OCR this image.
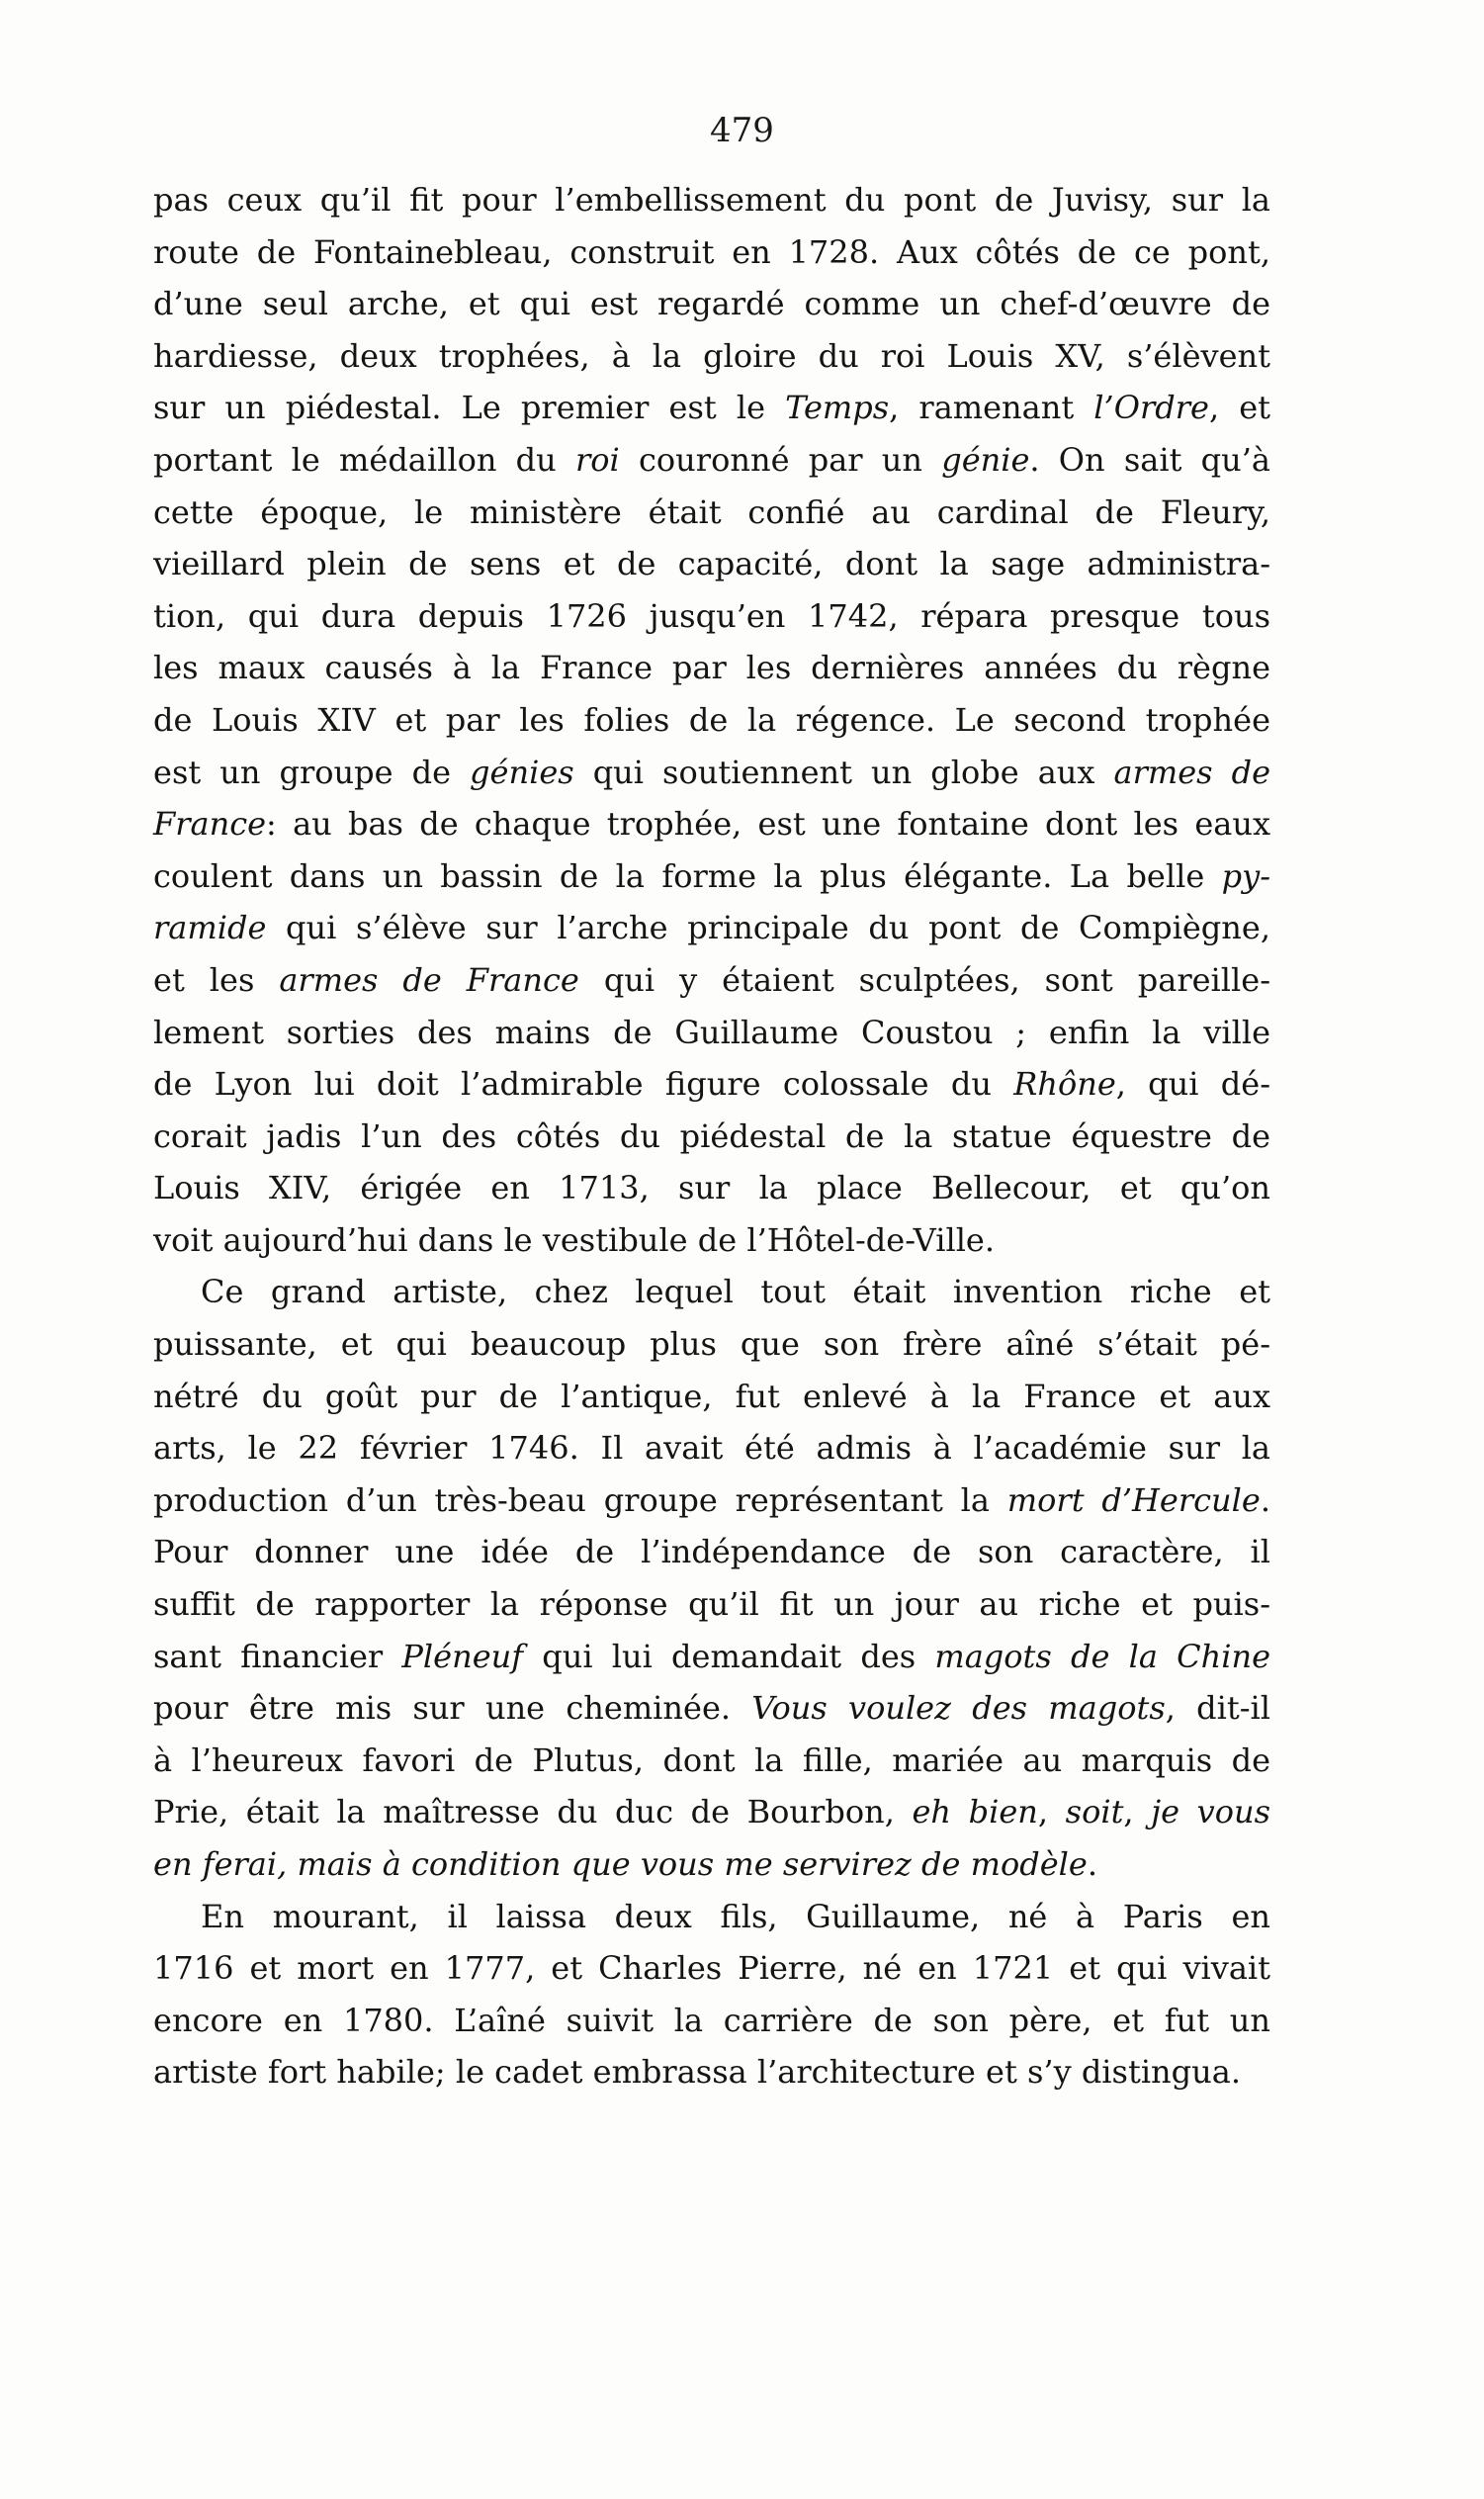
479

pas ceux qu’il fit pour l’embellissement du pont de Juvisy, sur la
route de Fontainebleau, construit en 1728. Aux côtés de ce pont,
d’une seul arche, et qui est regardé comme un chef-d’œuvre de
hardiesse, deux trophées, à la gloire du roi Louis XV, s’élèvent
sur un piédestal. Le premier est le Temps, ramenant l’Ordre, et
portant le médaillon du roi couronné par un génie. On sait qu’à
cette époque, le ministère était confié au cardinal de Fleury,
vieillard plein de sens et de capacité, dont la sage administra-
tion, qui dura depuis 1726 jusqu’en 1742, répara presque tous
les maux causés à la France par les dernières années du règne
de Louis XIV et par les folies de la régence. Le second trophée
est un groupe de génies qui soutiennent un globe aux armes de
France: au bas de chaque trophée, est une fontaine dont les eaux
coulent dans un bassin de la forme la plus élégante. La belle py-
ramide qui s’élève sur l’arche principale du pont de Compiègne,
et les armes de France qui y étaient sculptées, sont pareille-
lement sorties des mains de Guillaume Coustou ; enfin la ville
de Lyon lui doit l’admirable figure colossale du Rhône, qui dé-
corait jadis l’un des côtés du piédestal de la statue équestre de
Louis XIV, érigée en 1713, sur la place Bellecour, et qu’on
voit aujourd’hui dans le vestibule de l’Hôtel-de-Ville.

Ce grand artiste, chez lequel tout était invention riche et
puissante, et qui beaucoup plus que son frère aîné s’était pé-
nétré du goût pur de l’antique, fut enlevé à la France et aux
arts, le 22 février 1746. Il avait été admis à l’académie sur la
production d’un très-beau groupe représentant la mort d’Hercule.
Pour donner une idée de l’indépendance de son caractère, il
suffit de rapporter la réponse qu’il fit un jour au riche et puis-
sant financier Pléneuf qui lui demandait des magots de la Chine
pour être mis sur une cheminée. Vous voulez des magots, dit-il
à l’heureux favori de Plutus, dont la fille, mariée au marquis de
Prie, était la maîtresse du duc de Bourbon, eh bien, soit, je vous
en ferai, mais à condition que vous me servirez de modèle.

En mourant, il laissa deux fils, Guillaume, né à Paris en
1716 et mort en 1777, et Charles Pierre, né en 1721 et qui vivait
encore en 1780. L’aîné suivit la carrière de son père, et fut un
artiste fort habile; le cadet embrassa l’architecture et s’y distingua.
